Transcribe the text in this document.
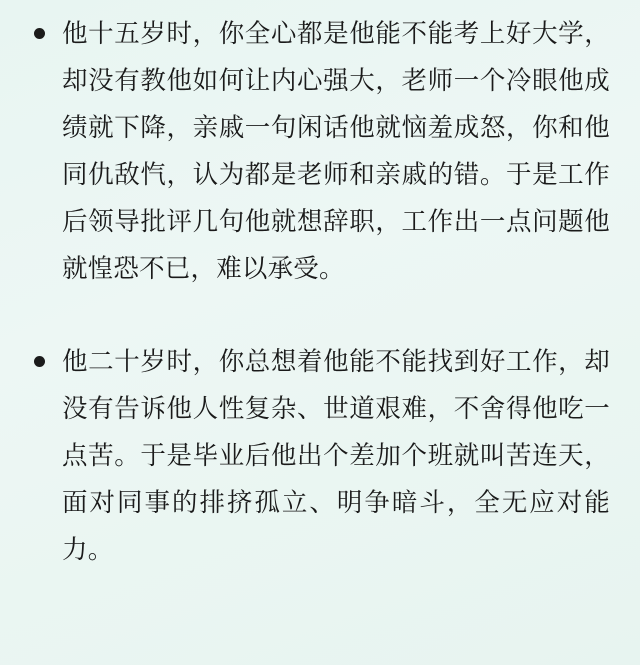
他十五岁时，你全心都是他能不能考上好大学，却没有教他如何让内心强大，老师一个冷眼他成绩就下降，亲戚一句闲话他就恼羞成怒，你和他同仇敌忾，认为都是老师和亲戚的错。于是工作后领导批评几句他就想辞职，工作出一点问题他就惶恐不已，难以承受。

他二十岁时，你总想着他能不能找到好工作，却没有告诉他人性复杂、世道艰难，不舍得他吃一点苦。于是毕业后他出个差加个班就叫苦连天，面对同事的排挤孤立、明争暗斗，全无应对能力。
